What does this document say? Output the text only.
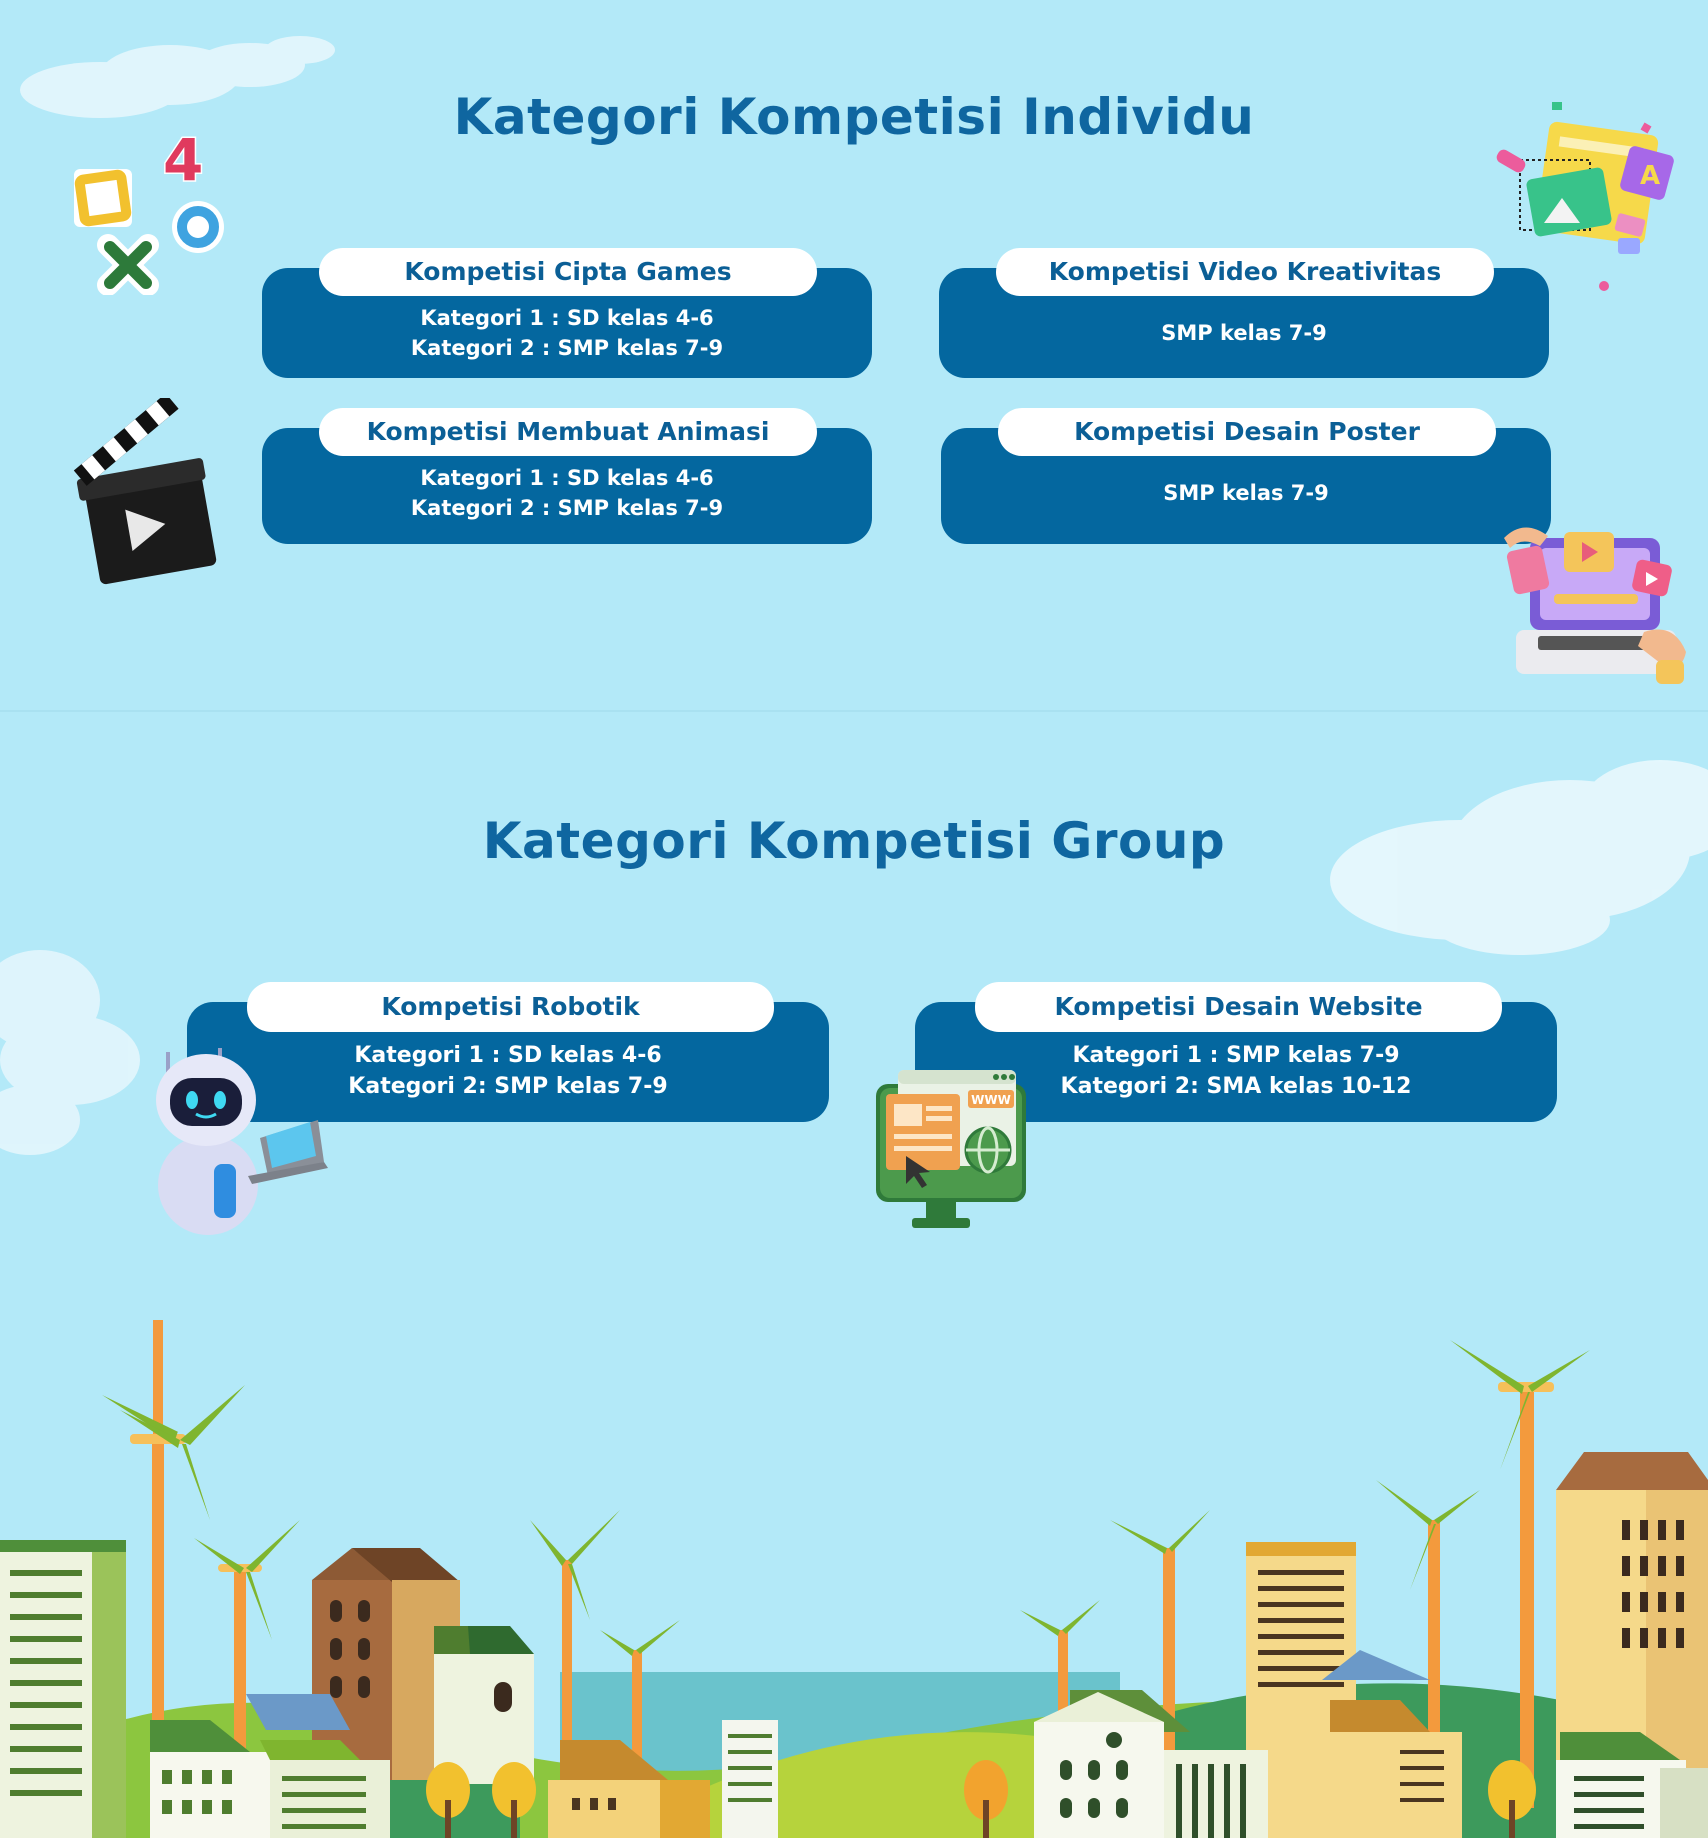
Kategori Kompetisi Individu
Kategori Kompetisi Group
Kompetisi Cipta Games
Kategori 1 : SD kelas 4-6
Kategori 2 : SMP kelas 7-9
Kompetisi Video Kreativitas
SMP kelas 7-9
Kompetisi Membuat Animasi
Kategori 1 : SD kelas 4-6
Kategori 2 : SMP kelas 7-9
Kompetisi Desain Poster
SMP kelas 7-9
Kompetisi Robotik
Kategori 1 : SD kelas 4-6
Kategori 2: SMP kelas 7-9
Kompetisi Desain Website
Kategori 1 : SMP kelas 7-9
Kategori 2: SMA kelas 10-12
4	A
WWW
